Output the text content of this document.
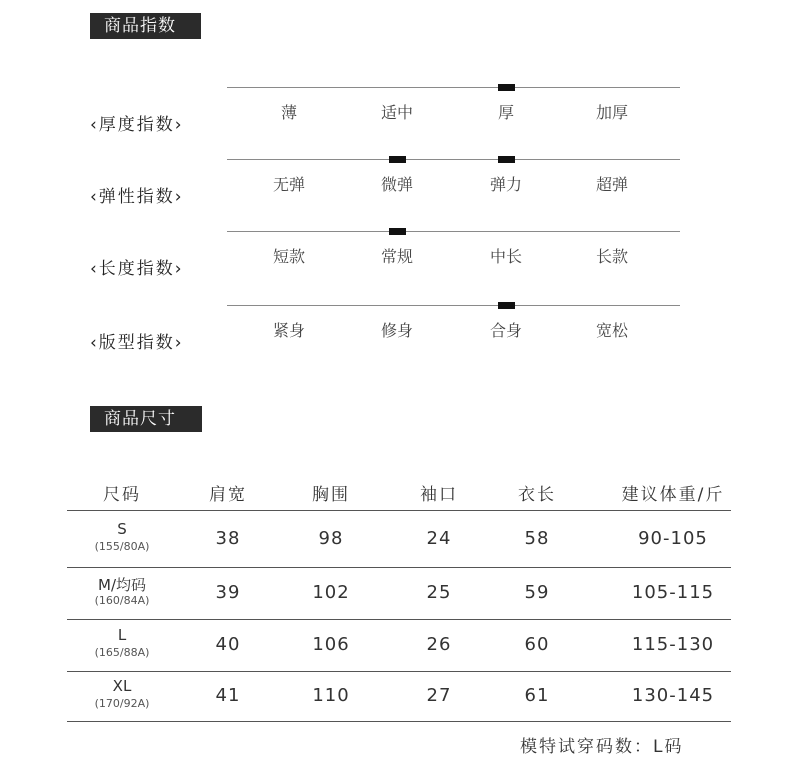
商品指数
‹厚度指数›
薄	适中	厚	加厚
‹弹性指数›
无弹	微弹	弹力	超弹
‹长度指数›
短款	常规	中长	长款
‹版型指数›
紧身	修身	合身	宽松
商品尺寸
尺码	肩宽	胸围	袖口	衣长	建议体重/斤
S
(155/80A)	38	98	24	58	90-105
M/均码
(160/84A)	39	102	25	59	105-115
L
(165/88A)	40	106	26	60	115-130
XL
(170/92A)	41	110	27	61	130-145
模特试穿码数：L码
